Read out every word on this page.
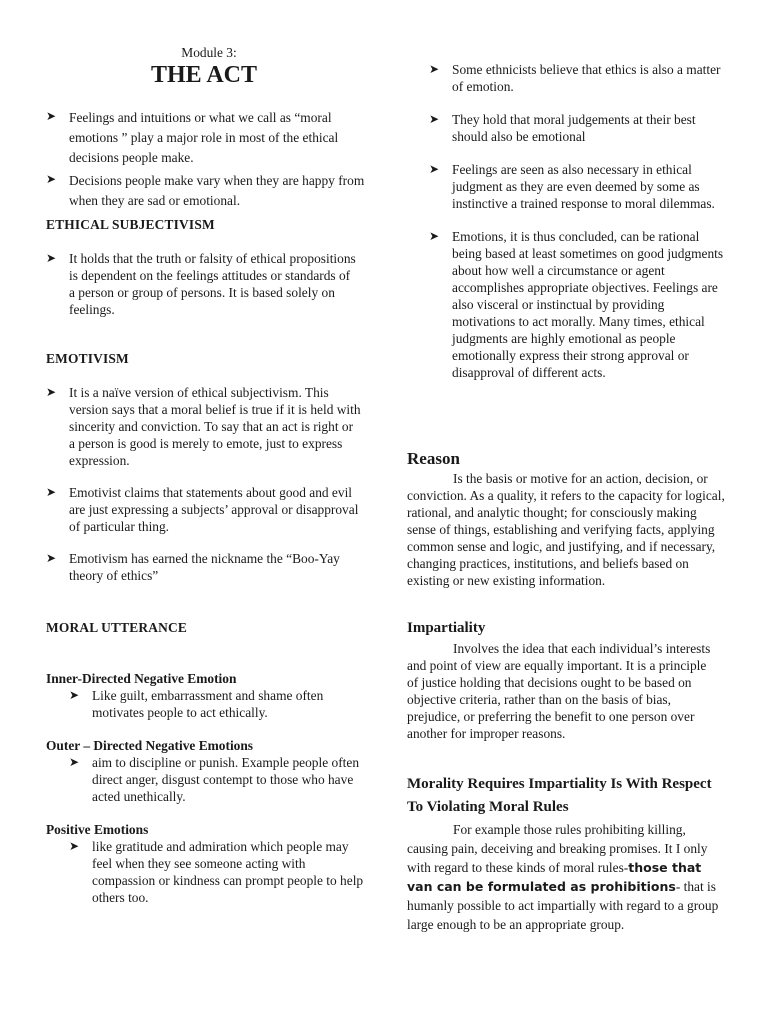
Module 3:
THE ACT
➤ Feelings and intuitions or what we call as “moral emotions ” play a major role in most of the ethical decisions people make.
➤ Decisions people make vary when they are happy from when they are sad or emotional.
ETHICAL SUBJECTIVISM
➤ It holds that the truth or falsity of ethical propositions is dependent on the feelings attitudes or standards of a person or group of persons. It is based solely on feelings.
EMOTIVISM
➤ It is a naïve version of ethical subjectivism. This version says that a moral belief is true if it is held with sincerity and conviction. To say that an act is right or a person is good is merely to emote, just to express expression.
➤ Emotivist claims that statements about good and evil are just expressing a subjects’ approval or disapproval of particular thing.
➤ Emotivism has earned the nickname the “Boo-Yay theory of ethics”
MORAL UTTERANCE
Inner-Directed Negative Emotion
➤ Like guilt, embarrassment and shame often motivates people to act ethically.
Outer – Directed Negative Emotions
➤ aim to discipline or punish. Example people often direct anger, disgust contempt to those who have acted unethically.
Positive Emotions
➤ like gratitude and admiration which people may feel when they see someone acting with compassion or kindness can prompt people to help others too.
➤ Some ethnicists believe that ethics is also a matter of emotion.
➤ They hold that moral judgements at their best should also be emotional
➤ Feelings are seen as also necessary in ethical judgment as they are even deemed by some as instinctive a trained response to moral dilemmas.
➤ Emotions, it is thus concluded, can be rational being based at least sometimes on good judgments about how well a circumstance or agent accomplishes appropriate objectives. Feelings are also visceral or instinctual by providing motivations to act morally. Many times, ethical judgments are highly emotional as people emotionally express their strong approval or disapproval of different acts.
Reason
Is the basis or motive for an action, decision, or conviction. As a quality, it refers to the capacity for logical, rational, and analytic thought; for consciously making sense of things, establishing and verifying facts, applying common sense and logic, and justifying, and if necessary, changing practices, institutions, and beliefs based on existing or new existing information.
Impartiality
Involves the idea that each individual’s interests and point of view are equally important. It is a principle of justice holding that decisions ought to be based on objective criteria, rather than on the basis of bias, prejudice, or preferring the benefit to one person over another for improper reasons.
Morality Requires Impartiality Is With Respect To Violating Moral Rules
For example those rules prohibiting killing, causing pain, deceiving and breaking promises. It I only with regard to these kinds of moral rules-those that van can be formulated as prohibitions- that is humanly possible to act impartially with regard to a group large enough to be an appropriate group.
